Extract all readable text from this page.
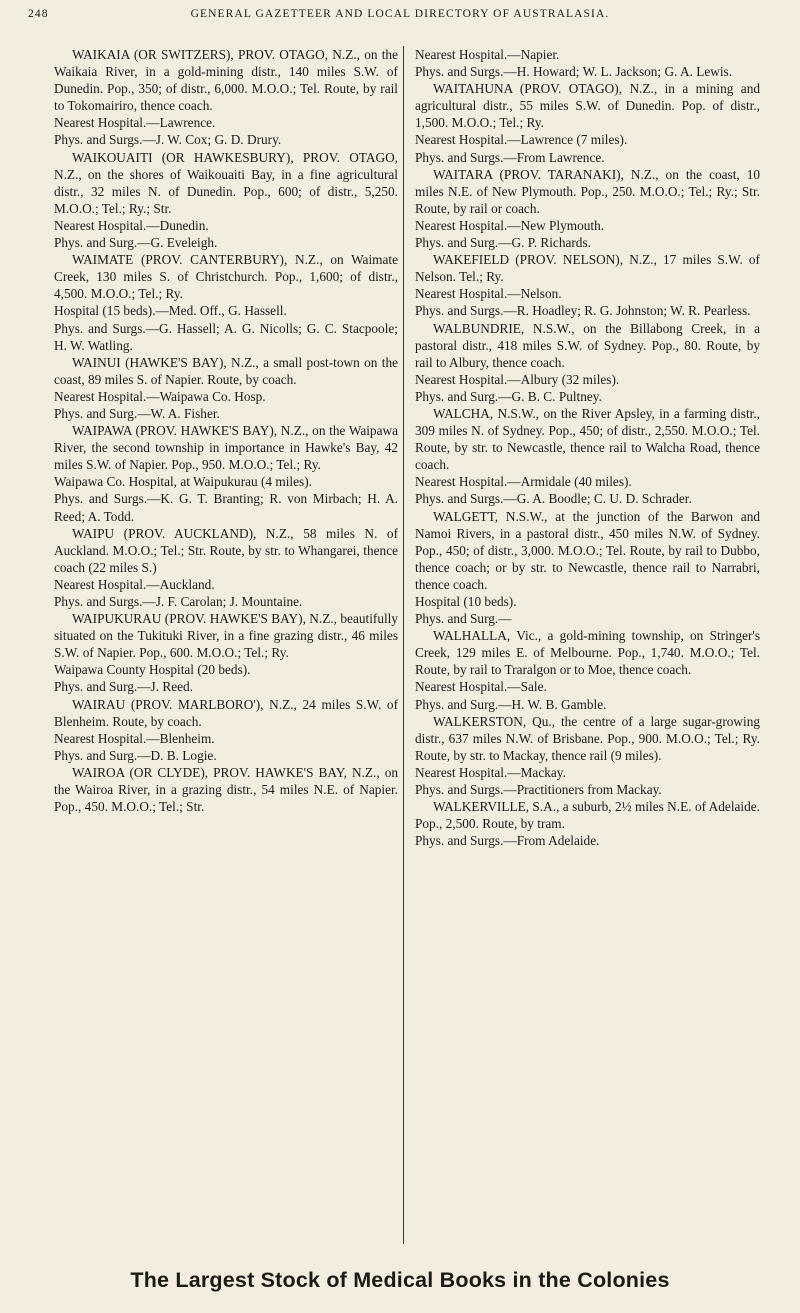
248	GENERAL GAZETTEER AND LOCAL DIRECTORY OF AUSTRALASIA.
WAIKAIA (OR SWITZERS), PROV. OTAGO, N.Z., on the Waikaia River, in a gold-mining distr., 140 miles S.W. of Dunedin. Pop., 350; of distr., 6,000. M.O.O.; Tel. Route, by rail to Tokomairiro, thence coach.
Nearest Hospital.—Lawrence.
Phys. and Surgs.—J. W. Cox; G. D. Drury.
WAIKOUAITI (OR HAWKESBURY), PROV. OTAGO, N.Z., on the shores of Waikouaiti Bay, in a fine agricultural distr., 32 miles N. of Dunedin. Pop., 600; of distr., 5,250. M.O.O.; Tel.; Ry.; Str.
Nearest Hospital.—Dunedin.
Phys. and Surg.—G. Eveleigh.
WAIMATE (PROV. CANTERBURY), N.Z., on Waimate Creek, 130 miles S. of Christchurch. Pop., 1,600; of distr., 4,500. M.O.O.; Tel.; Ry.
Hospital (15 beds).—Med. Off., G. Hassell.
Phys. and Surgs.—G. Hassell; A. G. Nicolls; G. C. Stacpoole; H. W. Watling.
WAINUI (HAWKE'S BAY), N.Z., a small post-town on the coast, 89 miles S. of Napier. Route, by coach.
Nearest Hospital.—Waipawa Co. Hosp.
Phys. and Surg.—W. A. Fisher.
WAIPAWA (PROV. HAWKE'S BAY), N.Z., on the Waipawa River, the second township in importance in Hawke's Bay, 42 miles S.W. of Napier. Pop., 950. M.O.O.; Tel.; Ry.
Waipawa Co. Hospital, at Waipukurau (4 miles).
Phys. and Surgs.—K. G. T. Branting; R. von Mirbach; H. A. Reed; A. Todd.
WAIPU (PROV. AUCKLAND), N.Z., 58 miles N. of Auckland. M.O.O.; Tel.; Str. Route, by str. to Whangarei, thence coach (22 miles S.)
Nearest Hospital.—Auckland.
Phys. and Surgs.—J. F. Carolan; J. Mountaine.
WAIPUKURAU (PROV. HAWKE'S BAY), N.Z., beautifully situated on the Tukituki River, in a fine grazing distr., 46 miles S.W. of Napier. Pop., 600. M.O.O.; Tel.; Ry.
Waipawa County Hospital (20 beds).
Phys. and Surg.—J. Reed.
WAIRAU (PROV. MARLBORO'), N.Z., 24 miles S.W. of Blenheim. Route, by coach.
Nearest Hospital.—Blenheim.
Phys. and Surg.—D. B. Logie.
WAIROA (OR CLYDE), PROV. HAWKE'S BAY, N.Z., on the Wairoa River, in a grazing distr., 54 miles N.E. of Napier. Pop., 450. M.O.O.; Tel.; Str.
Nearest Hospital.—Napier.
Phys. and Surgs.—H. Howard; W. L. Jackson; G. A. Lewis.
WAITAHUNA (PROV. OTAGO), N.Z., in a mining and agricultural distr., 55 miles S.W. of Dunedin. Pop. of distr., 1,500. M.O.O.; Tel.; Ry.
Nearest Hospital.—Lawrence (7 miles).
Phys. and Surgs.—From Lawrence.
WAITARA (PROV. TARANAKI), N.Z., on the coast, 10 miles N.E. of New Plymouth. Pop., 250. M.O.O.; Tel.; Ry.; Str. Route, by rail or coach.
Nearest Hospital.—New Plymouth.
Phys. and Surg.—G. P. Richards.
WAKEFIELD (PROV. NELSON), N.Z., 17 miles S.W. of Nelson. Tel.; Ry.
Nearest Hospital.—Nelson.
Phys. and Surgs.—R. Hoadley; R. G. Johnston; W. R. Pearless.
WALBUNDRIE, N.S.W., on the Billabong Creek, in a pastoral distr., 418 miles S.W. of Sydney. Pop., 80. Route, by rail to Albury, thence coach.
Nearest Hospital.—Albury (32 miles).
Phys. and Surg.—G. B. C. Pultney.
WALCHA, N.S.W., on the River Apsley, in a farming distr., 309 miles N. of Sydney. Pop., 450; of distr., 2,550. M.O.O.; Tel. Route, by str. to Newcastle, thence rail to Walcha Road, thence coach.
Nearest Hospital.—Armidale (40 miles).
Phys. and Surgs.—G. A. Boodle; C. U. D. Schrader.
WALGETT, N.S.W., at the junction of the Barwon and Namoi Rivers, in a pastoral distr., 450 miles N.W. of Sydney. Pop., 450; of distr., 3,000. M.O.O.; Tel. Route, by rail to Dubbo, thence coach; or by str. to Newcastle, thence rail to Narrabri, thence coach.
Hospital (10 beds).
Phys. and Surg.—
WALHALLA, Vic., a gold-mining township, on Stringer's Creek, 129 miles E. of Melbourne. Pop., 1,740. M.O.O.; Tel. Route, by rail to Traralgon or to Moe, thence coach.
Nearest Hospital.—Sale.
Phys. and Surg.—H. W. B. Gamble.
WALKERSTON, Qu., the centre of a large sugar-growing distr., 637 miles N.W. of Brisbane. Pop., 900. M.O.O.; Tel.; Ry. Route, by str. to Mackay, thence rail (9 miles).
Nearest Hospital.—Mackay.
Phys. and Surgs.—Practitioners from Mackay.
WALKERVILLE, S.A., a suburb, 2½ miles N.E. of Adelaide. Pop., 2,500. Route, by tram.
Phys. and Surgs.—From Adelaide.
The Largest Stock of Medical Books in the Colonies
